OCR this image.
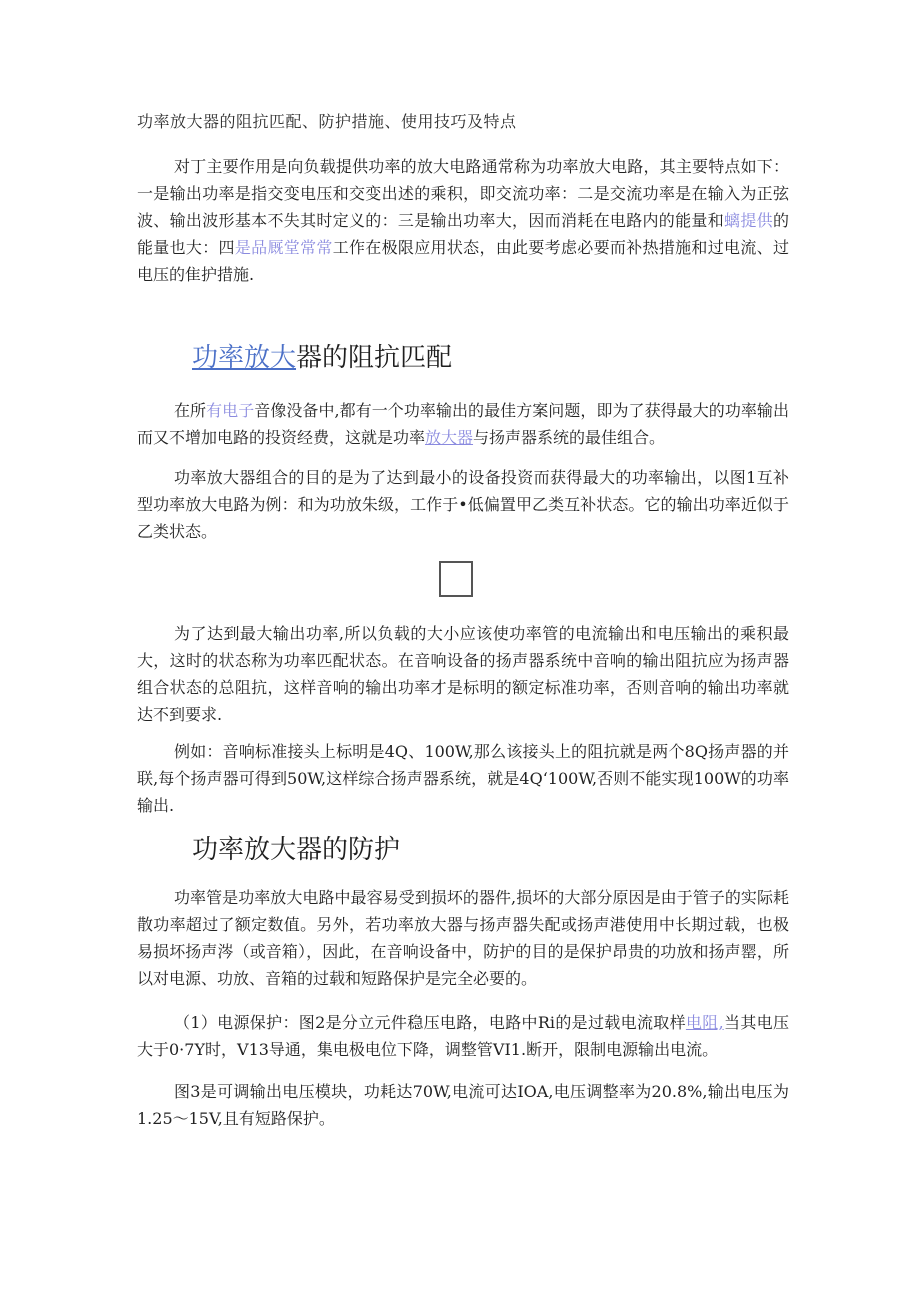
功率放大器的阻抗匹配、防护措施、使用技巧及特点

对丁主要作用是向负载提供功率的放大电路通常称为功率放大电路，其主要特点如下：一是输出功率是指交变电压和交变出述的乘积，即交流功率：二是交流功率是在输入为正弦波、输出波形基本不失其时定义的：三是输出功率大，因而消耗在电路内的能量和螭提供的能量也大：四是品厩堂常常工作在极限应用状态，由此要考虑必要而补热措施和过电流、过电压的隹护措施.

功率放大器的阻抗匹配

在所有电子音像没备中,都有一个功率输出的最佳方案问题，即为了获得最大的功率输出而又不增加电路的投资经费，这就是功率放大器与扬声器系统的最佳组合。

功率放大器组合的目的是为了达到最小的设备投资而获得最大的功率输出，以图1互补型功率放大电路为例：和为功放朱级，工作于•低偏置甲乙类互补状态。它的输出功率近似于乙类状态。

为了达到最大输出功率,所以负载的大小应该使功率管的电流输出和电压输出的乘积最大，这时的状态称为功率匹配状态。在音响设备的扬声器系统中音响的输出阻抗应为扬声器组合状态的总阻抗，这样音响的输出功率才是标明的额定标准功率，否则音响的输出功率就达不到要求.

例如：音响标准接头上标明是4Q、100W,那么该接头上的阻抗就是两个8Q扬声器的并联,每个扬声器可得到50W,这样综合扬声器系统，就是4Q‘100W,否则不能实现100W的功率输出.

功率放大器的防护

功率管是功率放大电路中最容易受到损坏的器件,损坏的大部分原因是由于管子的实际耗散功率超过了额定数值。另外，若功率放大器与扬声器失配或扬声港使用中长期过载，也极易损坏扬声涔（或音箱），因此，在音响设备中，防护的目的是保护昂贵的功放和扬声罂，所以对电源、功放、音箱的过载和短路保护是完全必要的。

（1）电源保护：图2是分立元件稳压电路，电路中Ri的是过载电流取样电阻,当其电压大于0·7Y时，V13导通，集电极电位下降，调整管VI1.断开，限制电源输出电流。

图3是可调输出电压模块，功耗达70W,电流可达IOA,电压调整率为20.8%,输出电压为1.25〜15V,且有短路保护。
